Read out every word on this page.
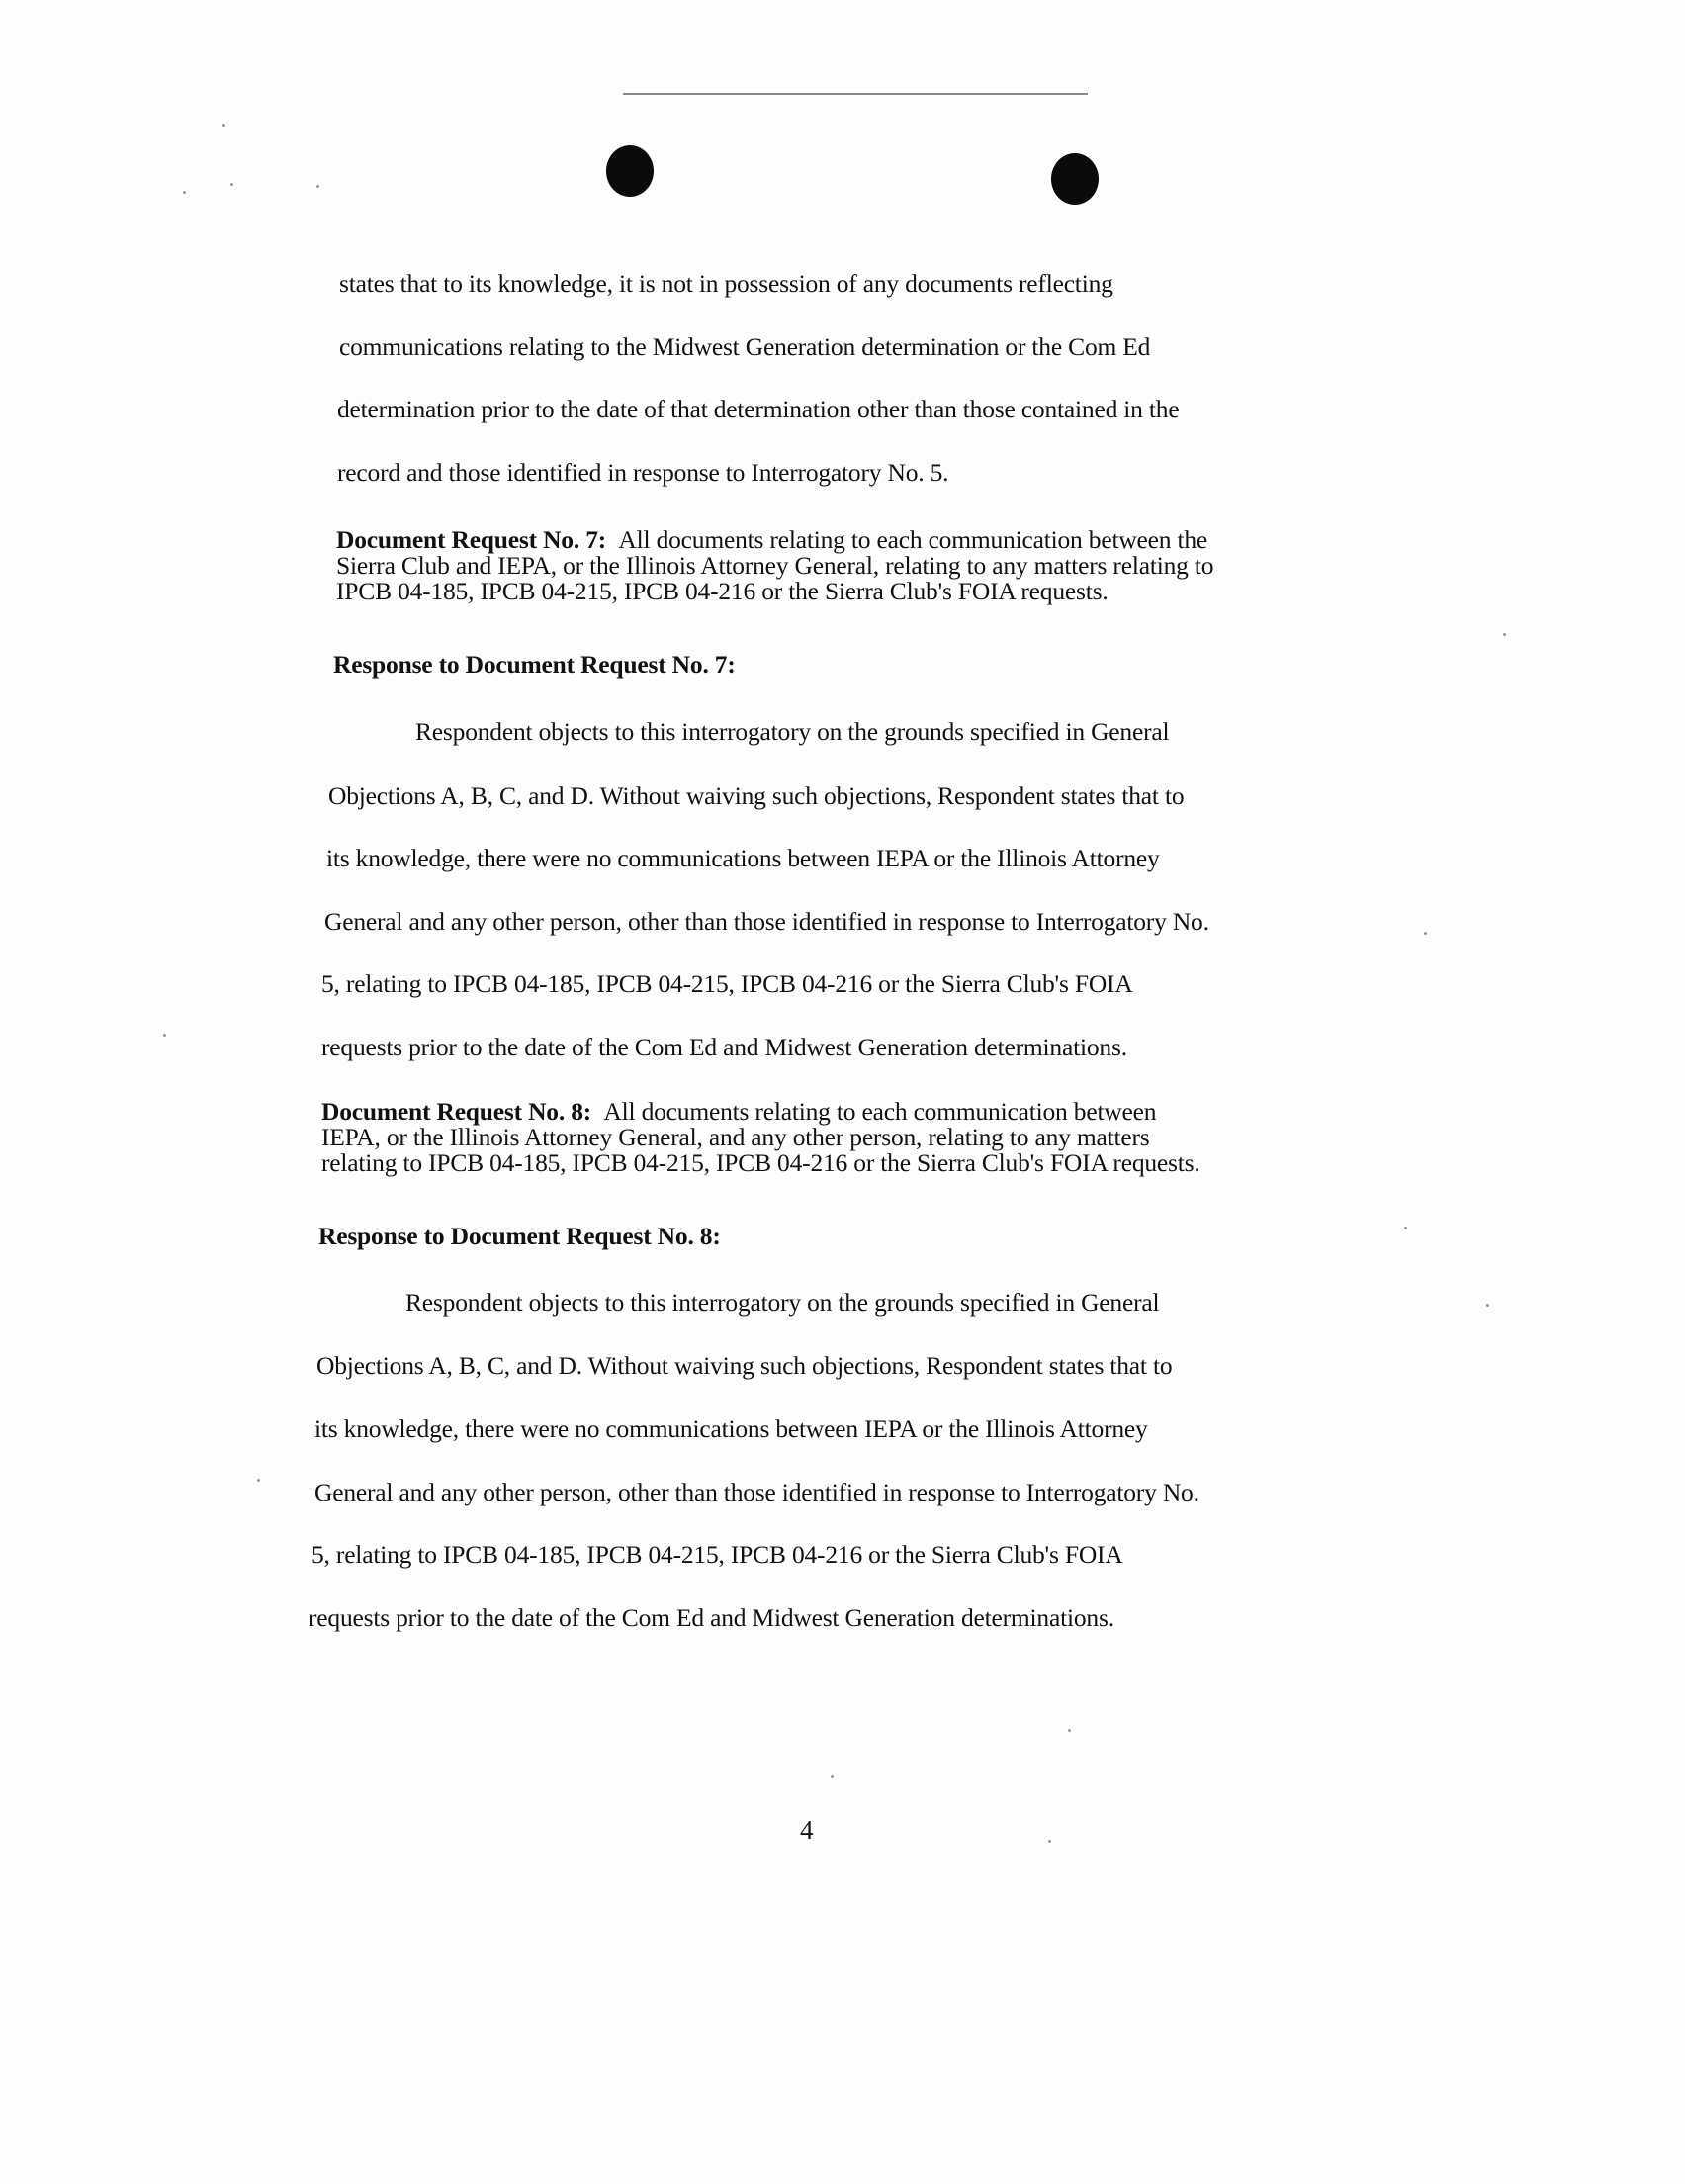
states that to its knowledge, it is not in possession of any documents reflecting
communications relating to the Midwest Generation determination or the Com Ed
determination prior to the date of that determination other than those contained in the
record and those identified in response to Interrogatory No. 5.
Document Request No. 7: All documents relating to each communication between the
Sierra Club and IEPA, or the Illinois Attorney General, relating to any matters relating to
IPCB 04-185, IPCB 04-215, IPCB 04-216 or the Sierra Club's FOIA requests.
Response to Document Request No. 7:
Respondent objects to this interrogatory on the grounds specified in General
Objections A, B, C, and D. Without waiving such objections, Respondent states that to
its knowledge, there were no communications between IEPA or the Illinois Attorney
General and any other person, other than those identified in response to Interrogatory No.
5, relating to IPCB 04-185, IPCB 04-215, IPCB 04-216 or the Sierra Club's FOIA
requests prior to the date of the Com Ed and Midwest Generation determinations.
Document Request No. 8: All documents relating to each communication between
IEPA, or the Illinois Attorney General, and any other person, relating to any matters
relating to IPCB 04-185, IPCB 04-215, IPCB 04-216 or the Sierra Club's FOIA requests.
Response to Document Request No. 8:
Respondent objects to this interrogatory on the grounds specified in General
Objections A, B, C, and D. Without waiving such objections, Respondent states that to
its knowledge, there were no communications between IEPA or the Illinois Attorney
General and any other person, other than those identified in response to Interrogatory No.
5, relating to IPCB 04-185, IPCB 04-215, IPCB 04-216 or the Sierra Club's FOIA
requests prior to the date of the Com Ed and Midwest Generation determinations.
4
